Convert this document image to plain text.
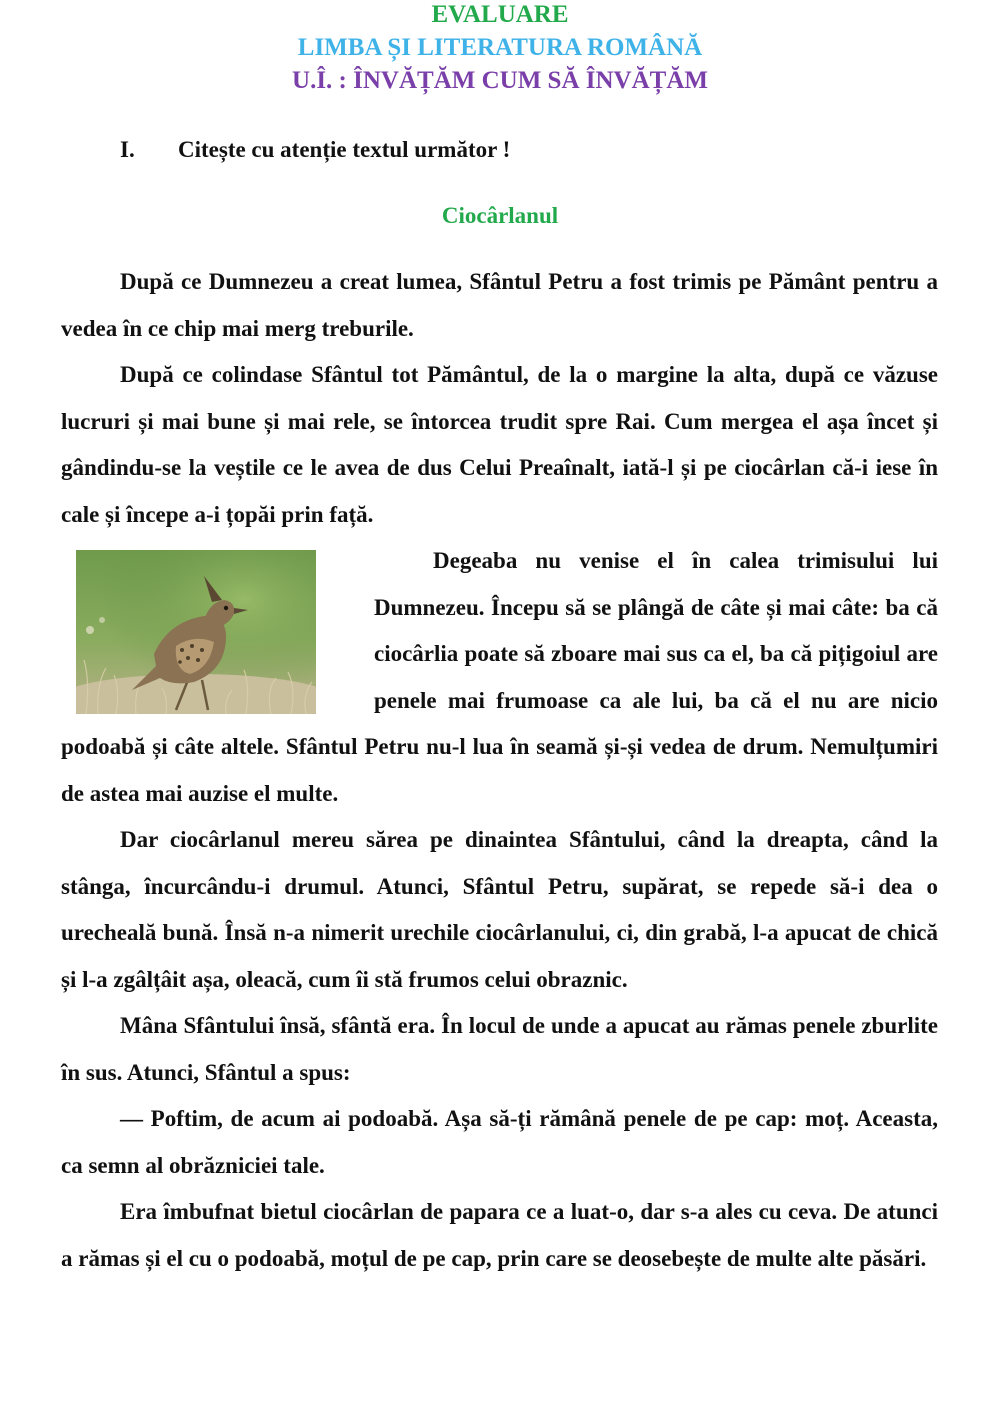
EVALUARE
LIMBA ȘI LITERATURA ROMÂNĂ
U.Î. : ÎNVĂȚĂM CUM SĂ ÎNVĂȚĂM
I. Citește cu atenție textul următor !
Ciocârlanul

După ce Dumnezeu a creat lumea, Sfântul Petru a fost trimis pe Pământ pentru a vedea în ce chip mai merg treburile.

După ce colindase Sfântul tot Pământul, de la o margine la alta, după ce văzuse lucruri și mai bune și mai rele, se întorcea trudit spre Rai. Cum mergea el așa încet și gândindu-se la veștile ce le avea de dus Celui Preaînalt, iată-l și pe ciocârlan că-i iese în cale și începe a-i țopăi prin față.

Degeaba nu venise el în calea trimisului lui Dumnezeu. Începu să se plângă de câte și mai câte: ba că ciocârlia poate să zboare mai sus ca el, ba că pițigoiul are penele mai frumoase ca ale lui, ba că el nu are nicio podoabă și câte altele. Sfântul Petru nu-l lua în seamă și-și vedea de drum. Nemulțumiri de astea mai auzise el multe.

Dar ciocârlanul mereu sărea pe dinaintea Sfântului, când la dreapta, când la stânga, încurcându-i drumul. Atunci, Sfântul Petru, supărat, se repede să-i dea o urecheală bună. Însă n-a nimerit urechile ciocârlanului, ci, din grabă, l-a apucat de chică și l-a zgâlțâit așa, oleacă, cum îi stă frumos celui obraznic.

Mâna Sfântului însă, sfântă era. În locul de unde a apucat au rămas penele zburlite în sus. Atunci, Sfântul a spus:

— Poftim, de acum ai podoabă. Așa să-ți rămână penele de pe cap: moț. Aceasta, ca semn al obrăzniciei tale.

Era îmbufnat bietul ciocârlan de papara ce a luat-o, dar s-a ales cu ceva. De atunci a rămas și el cu o podoabă, moțul de pe cap, prin care se deosebește de multe alte păsări.
